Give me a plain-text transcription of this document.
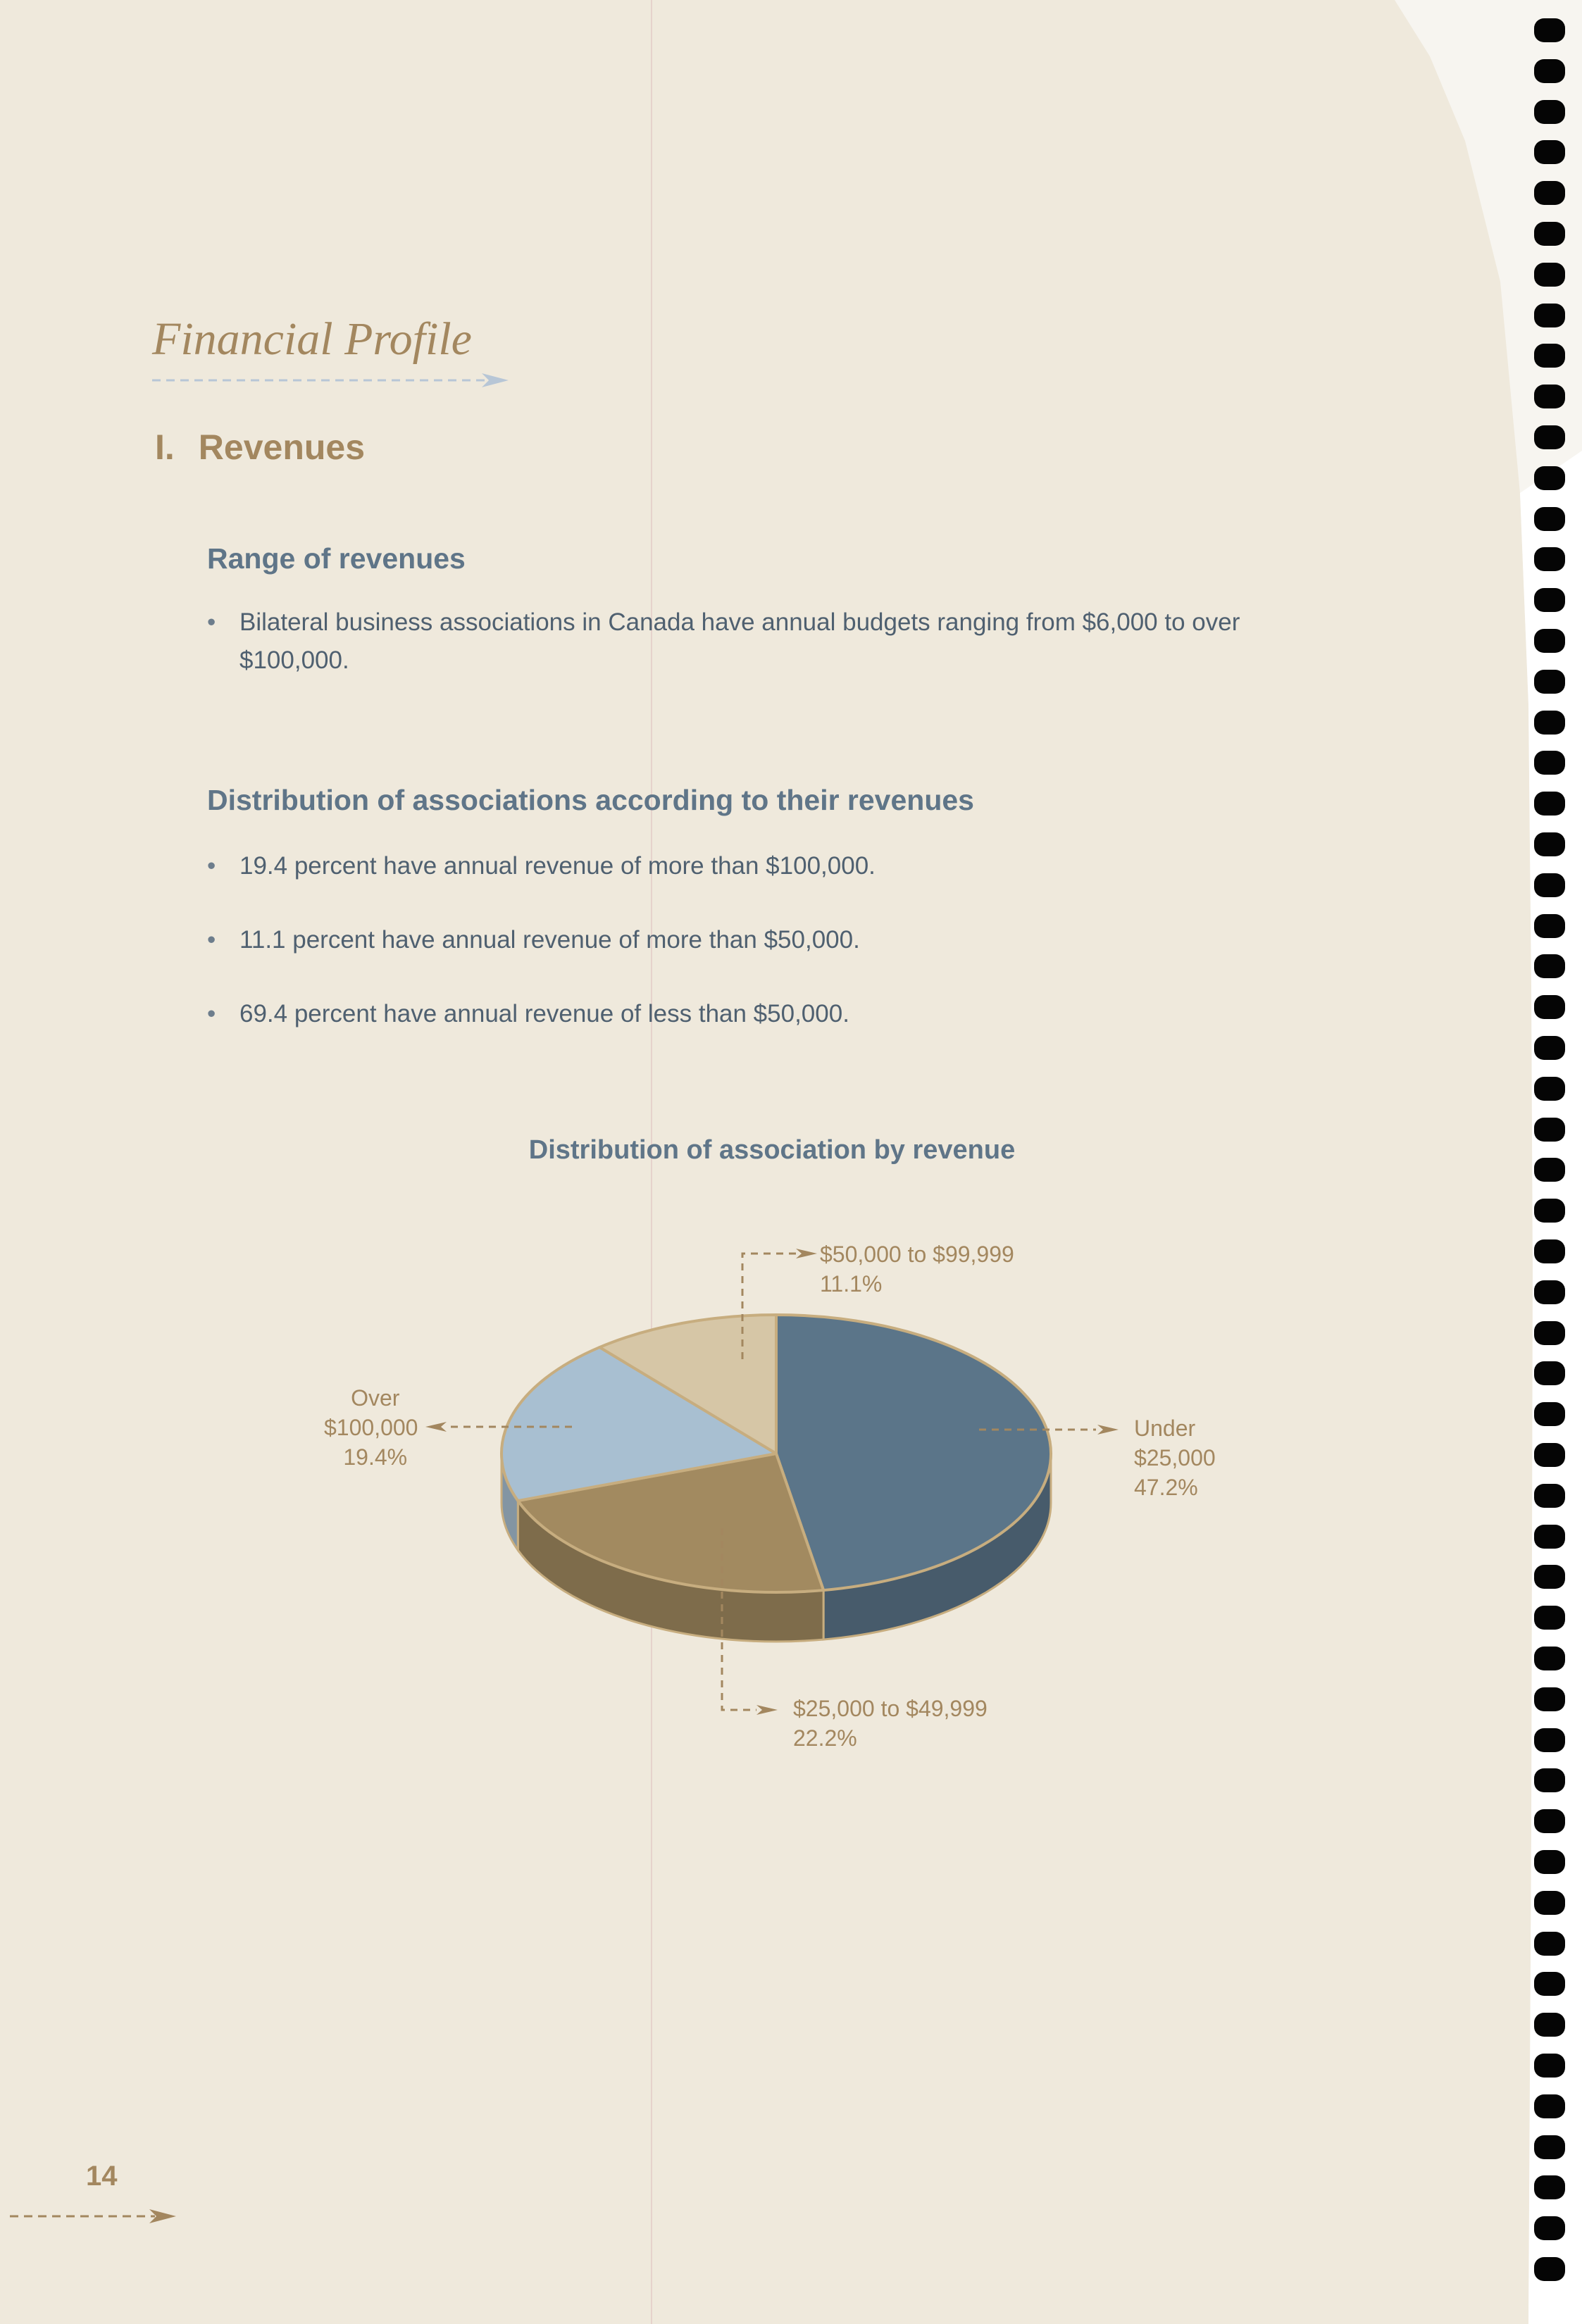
Financial Profile
I. Revenues
Range of revenues
• Bilateral business associations in Canada have annual budgets ranging from $6,000 to over
$100,000.
Distribution of associations according to their revenues
• 19.4 percent have annual revenue of more than $100,000.
• 11.1 percent have annual revenue of more than $50,000.
• 69.4 percent have annual revenue of less than $50,000.
Distribution of association by revenue
$50,000 to $99,999
11.1%
Over
$100,000
19.4%
Under
$25,000
47.2%
$25,000 to $49,999
22.2%
14
